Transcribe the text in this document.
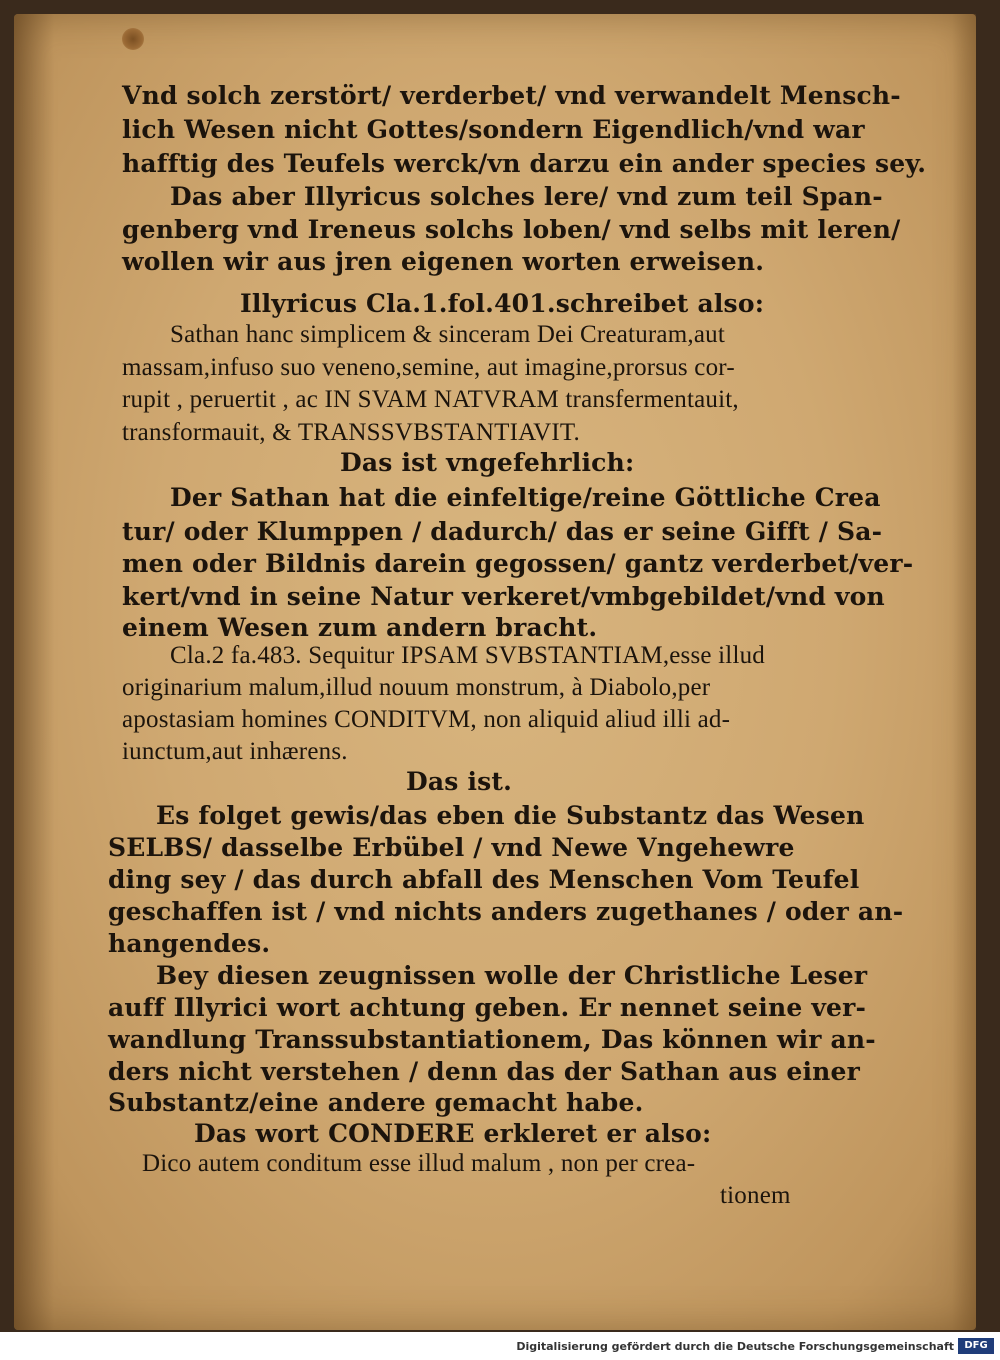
Vnd solch zerstört/ verderbet/ vnd verwandelt Mensch-
lich Wesen nicht Gottes/sondern Eigendlich/vnd war
hafftig des Teufels werck/vn darzu ein ander species sey.
Das aber Illyricus solches lere/ vnd zum teil Span-
genberg vnd Ireneus solchs loben/ vnd selbs mit leren/
wollen wir aus jren eigenen worten erweisen.
Illyricus Cla.1.fol.401.schreibet also:
Sathan hanc simplicem & sinceram Dei Creaturam,aut
massam,infuso suo veneno,semine, aut imagine,prorsus cor-
rupit , peruertit , ac IN SVAM NATVRAM transfermentauit,
transformauit, & TRANSSVBSTANTIAVIT.
Das ist vngefehrlich:
Der Sathan hat die einfeltige/reine Göttliche Crea
tur/ oder Klumppen / dadurch/ das er seine Gifft / Sa-
men oder Bildnis darein gegossen/ gantz verderbet/ver-
kert/vnd in seine Natur verkeret/vmbgebildet/vnd von
einem Wesen zum andern bracht.
Cla.2 fa.483. Sequitur IPSAM SVBSTANTIAM,esse illud
originarium malum,illud nouum monstrum, à Diabolo,per
apostasiam homines CONDITVM, non aliquid aliud illi ad-
iunctum,aut inhærens.
Das ist.
Es folget gewis/das eben die Substantz das Wesen
SELBS/ dasselbe Erbübel / vnd Newe Vngehewre
ding sey / das durch abfall des Menschen Vom Teufel
geschaffen ist / vnd nichts anders zugethanes / oder an-
hangendes.
Bey diesen zeugnissen wolle der Christliche Leser
auff Illyrici wort achtung geben. Er nennet seine ver-
wandlung Transsubstantiationem, Das können wir an-
ders nicht verstehen / denn das der Sathan aus einer
Substantz/eine andere gemacht habe.
Das wort CONDERE erkleret er also:
Dico autem conditum esse illud malum , non per crea-
tionem
Digitalisierung gefördert durch die Deutsche Forschungsgemeinschaft	DFG
